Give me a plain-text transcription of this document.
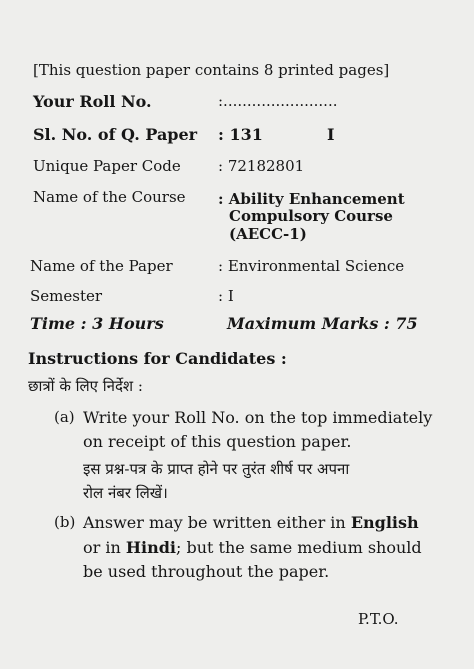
[This question paper contains 8 printed pages]
Your Roll No.	:........................
Sl. No. of Q. Paper : 131	I
Unique Paper Code : 72182801
Name of the Course : Ability Enhancement
Compulsory Course
(AECC-1)
Name of the Paper	: Environmental Science
Semester	: I
Time : 3 Hours	Maximum Marks : 75
Instructions for Candidates :
छात्रों के लिए निर्देश :
(a) Write your Roll No. on the top immediately
on receipt of this question paper.
इस प्रश्न-पत्र के प्राप्त होने पर तुरंत शीर्ष पर अपना
रोल नंबर लिखें।
(b) Answer may be written either in English
or in Hindi; but the same medium should
be used throughout the paper.
P.T.O.
